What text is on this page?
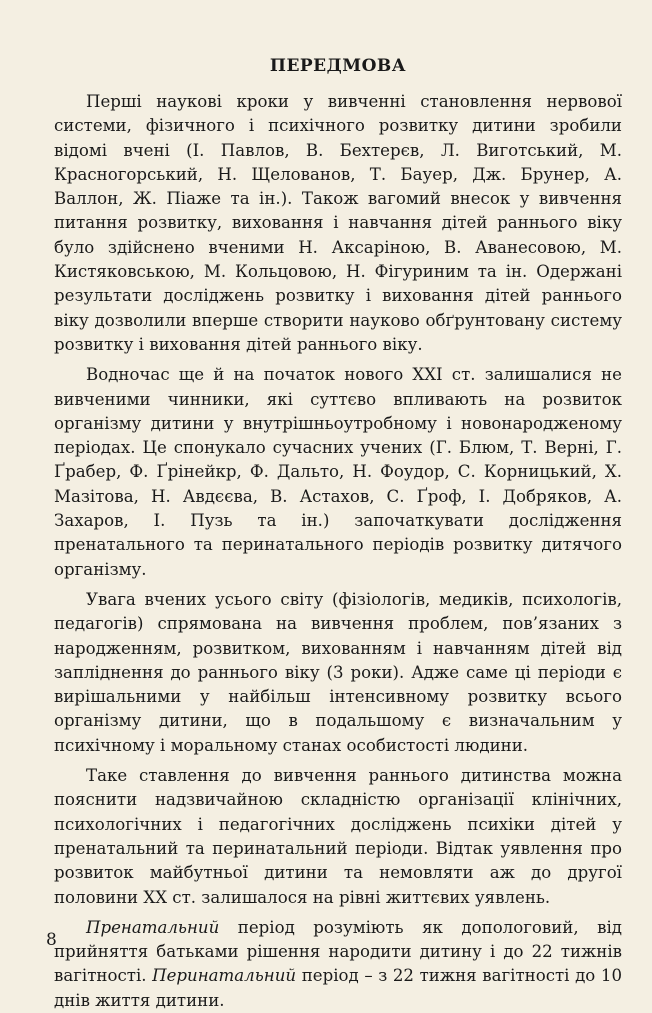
ПЕРЕДМОВА

Перші наукові кроки у вивченні становлення нервової системи, фізичного і психічного розвитку дитини зробили відомі вчені (І. Павлов, В. Бехтерєв, Л. Виготський, М. Красногорський, Н. Щелованов, Т. Бауер, Дж. Брунер, А. Валлон, Ж. Піаже та ін.). Також вагомий внесок у вивчення питання розвитку, виховання і навчання дітей раннього віку було здійснено вченими Н. Аксаріною, В. Аванесовою, М. Кистяковською, М. Кольцовою, Н. Фігуриним та ін. Одержані результати досліджень розвитку і виховання дітей раннього віку дозволили вперше створити науково обґрунтовану систему розвитку і виховання дітей раннього віку.

Водночас ще й на початок нового XXI ст. залишалися не вивченими чинники, які суттєво впливають на розвиток організму дитини у внутрішньоутробному і новонародженому періодах. Це спонукало сучасних учених (Г. Блюм, Т. Верні, Г. Ґрабер, Ф. Ґрінейкр, Ф. Дальто, Н. Фоудор, С. Корницький, Х. Мазітова, Н. Авдєєва, В. Астахов, С. Ґроф, І. Добряков, А. Захаров, І. Пузь та ін.) започаткувати дослідження пренатального та перинатального періодів розвитку дитячого організму.

Увага вчених усього світу (фізіологів, медиків, психологів, педагогів) спрямована на вивчення проблем, пов’язаних з народженням, розвитком, вихованням і навчанням дітей від запліднення до раннього віку (3 роки). Адже саме ці періоди є вирішальними у найбільш інтенсивному розвитку всього організму дитини, що в подальшому є визначальним у психічному і моральному станах особистості людини.

Таке ставлення до вивчення раннього дитинства можна пояснити надзвичайною складністю організації клінічних, психологічних і педагогічних досліджень психіки дітей у пренатальний та перинатальний періоди. Відтак уявлення про розвиток майбутньої дитини та немовляти аж до другої половини XX ст. залишалося на рівні життєвих уявлень.

Пренатальний період розуміють як допологовий, від прийняття батьками рішення народити дитину і до 22 тижнів вагітності. Перинатальний період – з 22 тижня вагітності до 10 днів життя дитини.

8
